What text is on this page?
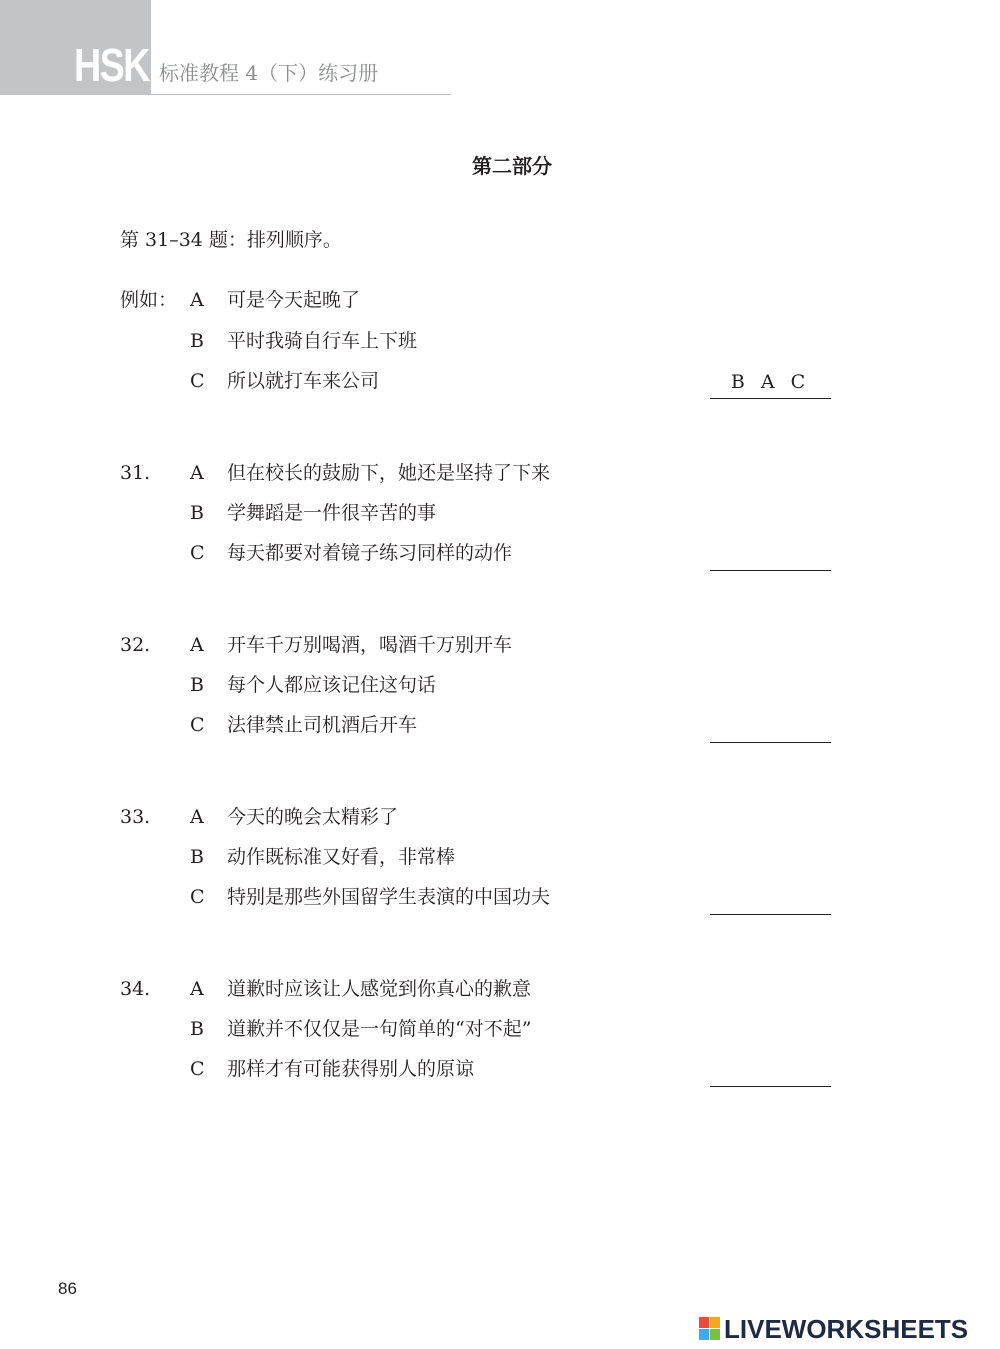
HSK 标准教程 4（下）练习册
第二部分
第 31–34 题：排列顺序。
例如： A 可是今天起晚了
B 平时我骑自行车上下班
C 所以就打车来公司	B A C
31. A 但在校长的鼓励下，她还是坚持了下来
B 学舞蹈是一件很辛苦的事
C 每天都要对着镜子练习同样的动作
32. A 开车千万别喝酒，喝酒千万别开车
B 每个人都应该记住这句话
C 法律禁止司机酒后开车
33. A 今天的晚会太精彩了
B 动作既标准又好看，非常棒
C 特别是那些外国留学生表演的中国功夫
34. A 道歉时应该让人感觉到你真心的歉意
B 道歉并不仅仅是一句简单的“对不起”
C 那样才有可能获得别人的原谅
86
LIVEWORKSHEETS
